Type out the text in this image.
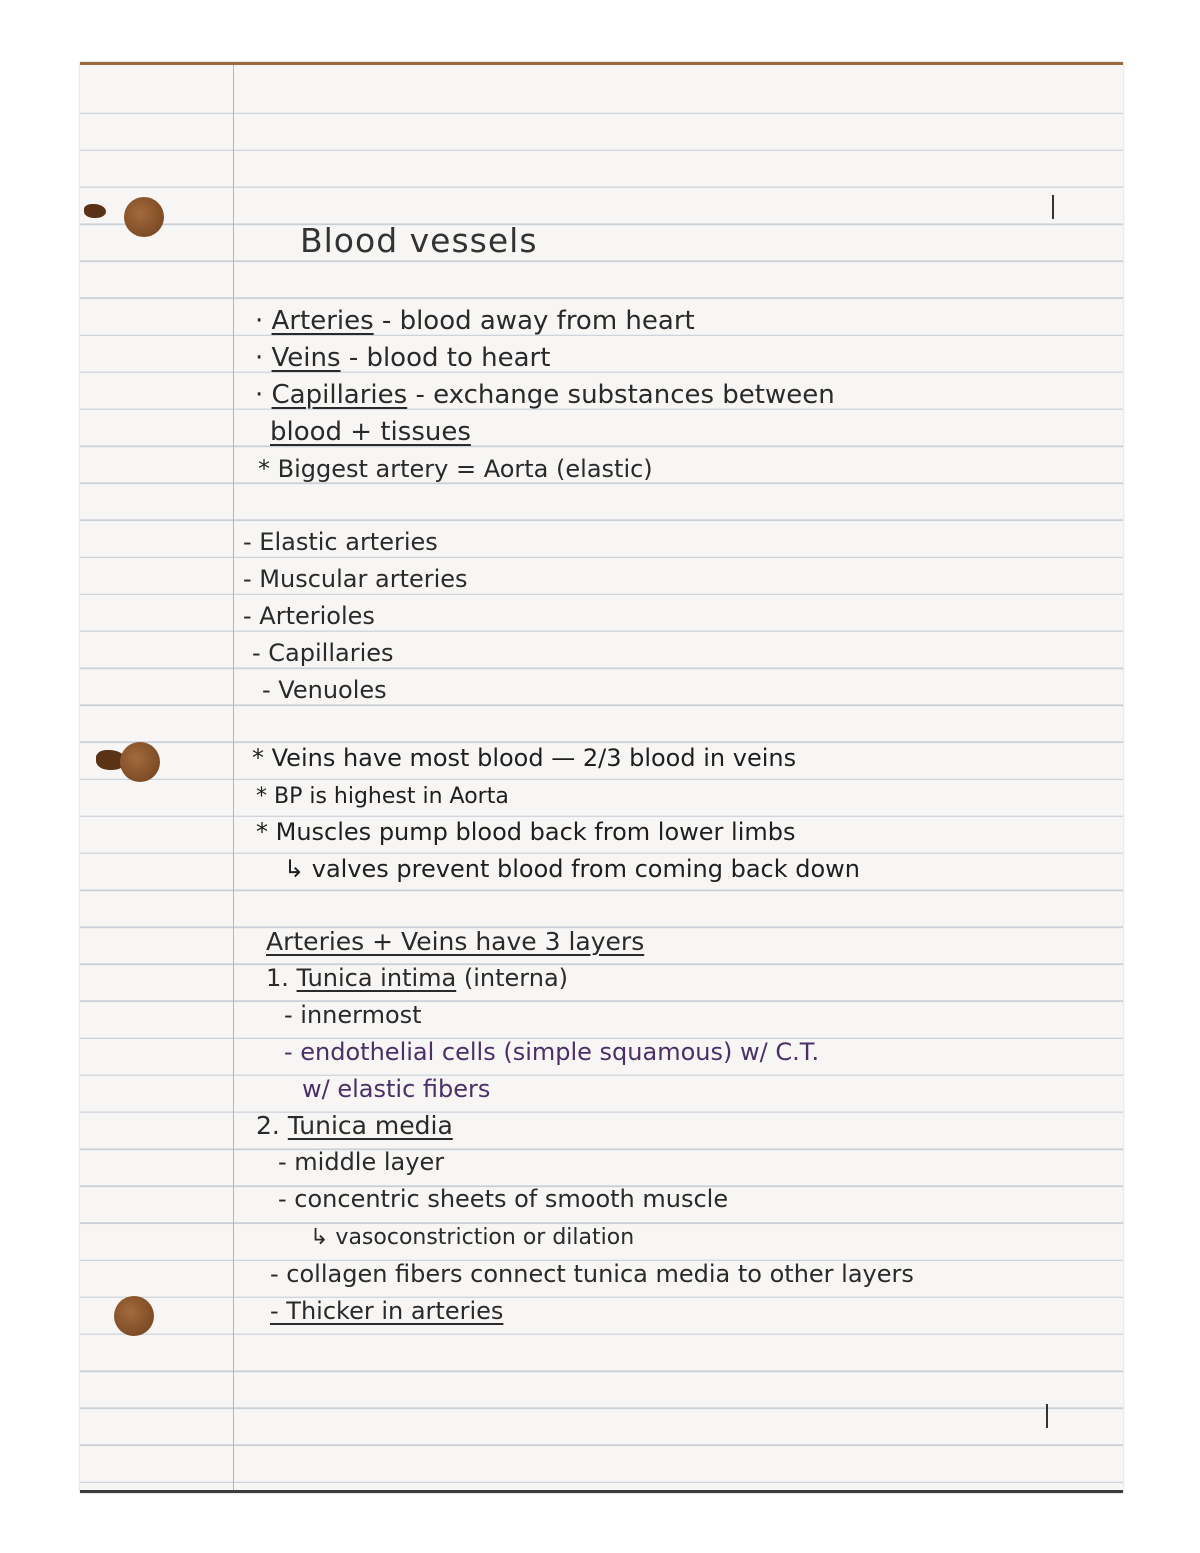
Blood vessels
· Arteries - blood away from heart
· Veins - blood to heart
· Capillaries - exchange substances between
blood + tissues
* Biggest artery = Aorta (elastic)
- Elastic arteries
- Muscular arteries
- Arterioles
- Capillaries
- Venuoles
* Veins have most blood — 2/3 blood in veins
* BP is highest in Aorta
* Muscles pump blood back from lower limbs
↳ valves prevent blood from coming back down
Arteries + Veins have 3 layers
1. Tunica intima (interna)
- innermost
- endothelial cells (simple squamous) w/ C.T.
w/ elastic fibers
2. Tunica media
- middle layer
- concentric sheets of smooth muscle
↳ vasoconstriction or dilation
- collagen fibers connect tunica media to other layers
- Thicker in arteries
